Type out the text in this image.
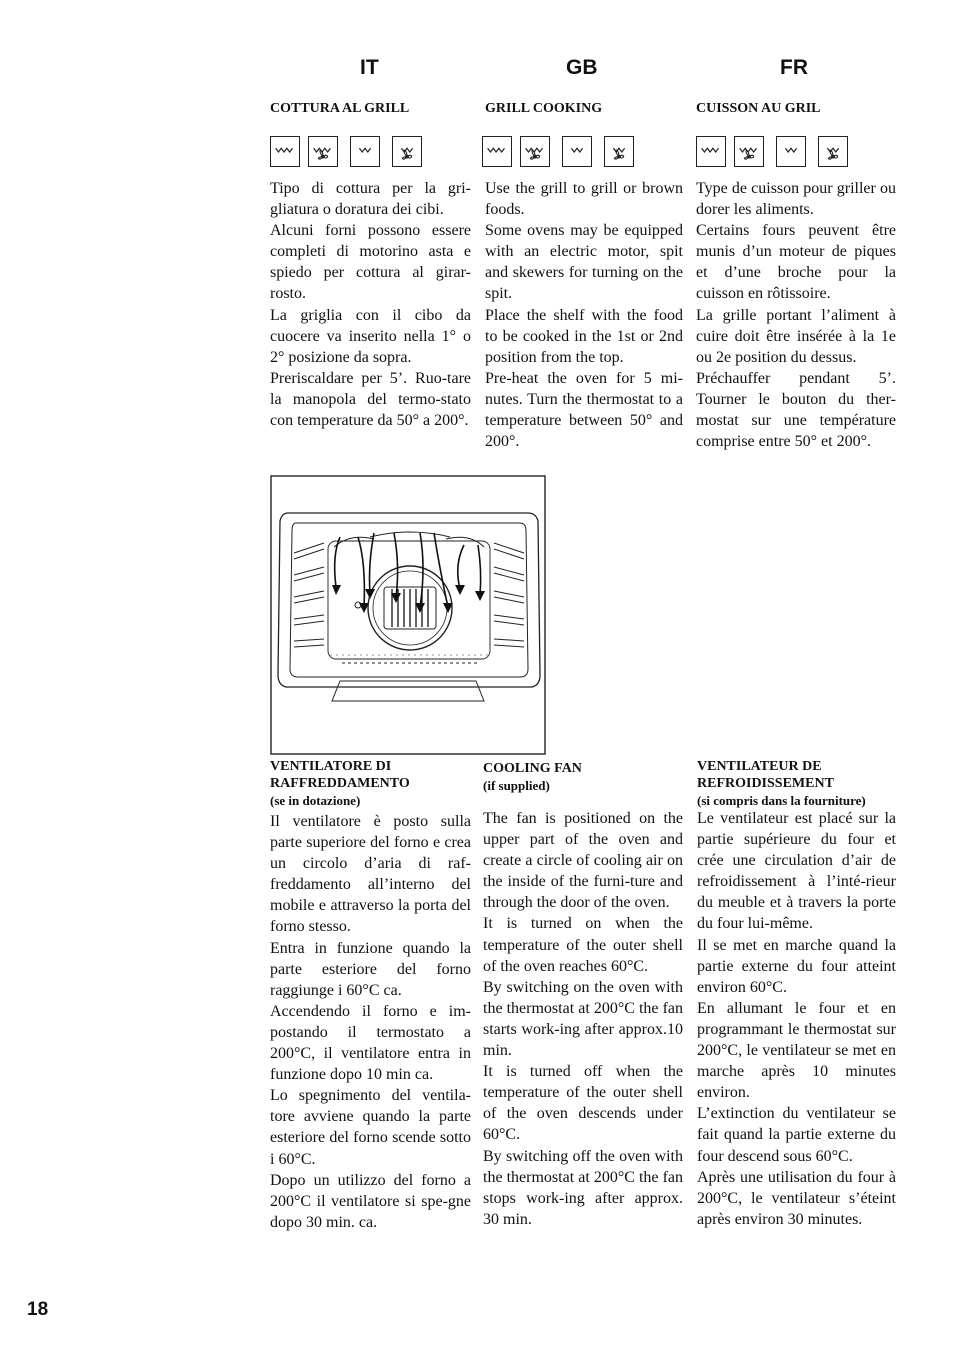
IT	GB	FR
COTTURA AL GRILL	GRILL COOKING	CUISSON AU GRIL

Tipo di cottura per la gri-gliatura o doratura dei cibi.

Alcuni forni possono essere completi di motorino asta e spiedo per cottura al girar-rosto.

La griglia con il cibo da cuocere va inserito nella 1° o 2° posizione da sopra.

Preriscaldare per 5’. Ruo-tare la manopola del termo-stato con temperature da 50° a 200°.

Use the grill to grill or brown foods.

Some ovens may be equipped with an electric motor, spit and skewers for turning on the spit.

Place the shelf with the food to be cooked in the 1st or 2nd position from the top.

Pre-heat the oven for 5 mi-nutes. Turn the thermostat to a temperature between 50° and 200°.

Type de cuisson pour griller ou dorer les aliments.

Certains fours peuvent être munis d’un moteur de piques et d’une broche pour la cuisson en rôtissoire.

La grille portant l’aliment à cuire doit être insérée à la 1e ou 2e position du dessus.

Préchauffer pendant 5’. Tourner le bouton du ther-mostat sur une température comprise entre 50° et 200°.

VENTILATORE DI
RAFFREDDAMENTO
(se in dotazione)
COOLING FAN
(if supplied)
VENTILATEUR DE
REFROIDISSEMENT
(si compris dans la fourniture)

Il ventilatore è posto sulla parte superiore del forno e crea un circolo d’aria di raf-freddamento all’interno del mobile e attraverso la porta del forno stesso.

Entra in funzione quando la parte esteriore del forno raggiunge i 60°C ca.

Accendendo il forno e im-postando il termostato a 200°C, il ventilatore entra in funzione dopo 10 min ca.

Lo spegnimento del ventila-tore avviene quando la parte esteriore del forno scende sotto i 60°C.

Dopo un utilizzo del forno a 200°C il ventilatore si spe-gne dopo 30 min. ca.

The fan is positioned on the upper part of the oven and create a circle of cooling air on the inside of the furni-ture and through the door of the oven.

It is turned on when the temperature of the outer shell of the oven reaches 60°C.

By switching on the oven with the thermostat at 200°C the fan starts work-ing after approx.10 min.

It is turned off when the temperature of the outer shell of the oven descends under 60°C.

By switching off the oven with the thermostat at 200°C the fan stops work-ing after approx. 30 min.

Le ventilateur est placé sur la partie supérieure du four et crée une circulation d’air de refroidissement à l’inté-rieur du meuble et à travers la porte du four lui-même.

Il se met en marche quand la partie externe du four atteint environ 60°C.

En allumant le four et en programmant le thermostat sur 200°C, le ventilateur se met en marche après 10 minutes environ.

L’extinction du ventilateur se fait quand la partie externe du four descend sous 60°C.

Après une utilisation du four à 200°C, le ventilateur s’éteint après environ 30 minutes.

18
